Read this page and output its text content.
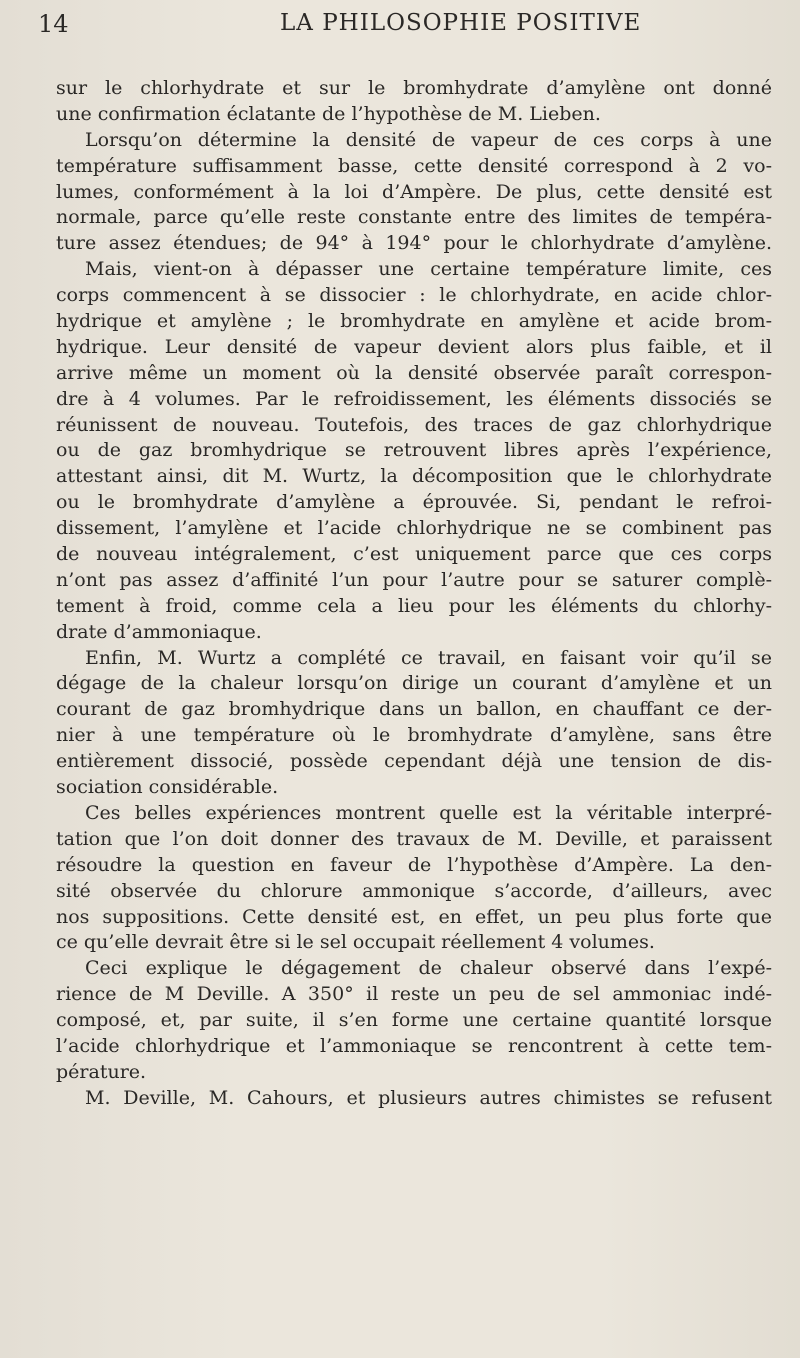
14	LA PHILOSOPHIE POSITIVE
sur le chlorhydrate et sur le bromhydrate d’amylène ont donné
une confirmation éclatante de l’hypothèse de M. Lieben.
Lorsqu’on détermine la densité de vapeur de ces corps à une
température suffisamment basse, cette densité correspond à 2 vo-
lumes, conformément à la loi d’Ampère. De plus, cette densité est
normale, parce qu’elle reste constante entre des limites de tempéra-
ture assez étendues; de 94° à 194° pour le chlorhydrate d’amylène.
Mais, vient-on à dépasser une certaine température limite, ces
corps commencent à se dissocier : le chlorhydrate, en acide chlor-
hydrique et amylène ; le bromhydrate en amylène et acide brom-
hydrique. Leur densité de vapeur devient alors plus faible, et il
arrive même un moment où la densité observée paraît correspon-
dre à 4 volumes. Par le refroidissement, les éléments dissociés se
réunissent de nouveau. Toutefois, des traces de gaz chlorhydrique
ou de gaz bromhydrique se retrouvent libres après l’expérience,
attestant ainsi, dit M. Wurtz, la décomposition que le chlorhydrate
ou le bromhydrate d’amylène a éprouvée. Si, pendant le refroi-
dissement, l’amylène et l’acide chlorhydrique ne se combinent pas
de nouveau intégralement, c’est uniquement parce que ces corps
n’ont pas assez d’affinité l’un pour l’autre pour se saturer complè-
tement à froid, comme cela a lieu pour les éléments du chlorhy-
drate d’ammoniaque.
Enfin, M. Wurtz a complété ce travail, en faisant voir qu’il se
dégage de la chaleur lorsqu’on dirige un courant d’amylène et un
courant de gaz bromhydrique dans un ballon, en chauffant ce der-
nier à une température où le bromhydrate d’amylène, sans être
entièrement dissocié, possède cependant déjà une tension de dis-
sociation considérable.
Ces belles expériences montrent quelle est la véritable interpré-
tation que l’on doit donner des travaux de M. Deville, et paraissent
résoudre la question en faveur de l’hypothèse d’Ampère. La den-
sité observée du chlorure ammonique s’accorde, d’ailleurs, avec
nos suppositions. Cette densité est, en effet, un peu plus forte que
ce qu’elle devrait être si le sel occupait réellement 4 volumes.
Ceci explique le dégagement de chaleur observé dans l’expé-
rience de M Deville. A 350° il reste un peu de sel ammoniac indé-
composé, et, par suite, il s’en forme une certaine quantité lorsque
l’acide chlorhydrique et l’ammoniaque se rencontrent à cette tem-
pérature.
M. Deville, M. Cahours, et plusieurs autres chimistes se refusent
